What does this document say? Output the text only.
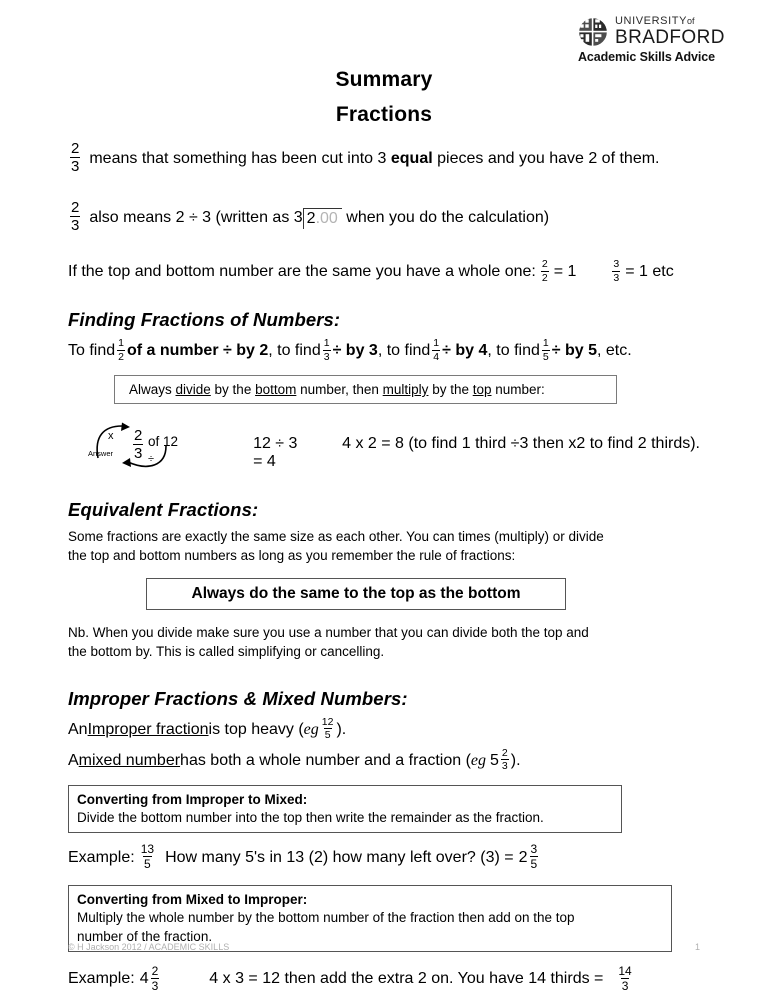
UNIVERSITYof
BRADFORD
Academic Skills Advice
Summary
Fractions
$\frac{2}{3}$ means that something has been cut into 3 equal pieces and you have 2 of them.
$\frac{2}{3}$ also means 2 ÷ 3 (written as 3 2.00 when you do the calculation)
If the top and bottom number are the same you have a whole one: $\frac{2}{2} = 1$	$\frac{3}{3} = 1$ etc
Finding Fractions of Numbers:
To find $\frac{1}{2}$ of a number ÷ by 2 , to find $\frac{1}{3}$ ÷ by 3 , to find $\frac{1}{4}$ ÷ by 4 , to find $\frac{1}{5}$ ÷ by 5 , etc.
Always divide by the bottom number, then multiply by the top number:
x
Answer	÷
$\frac{2}{3}$ of 12	12 ÷ 3 = 4
4 x 2 = 8 (to find 1 third ÷3 then x2 to find 2 thirds).
Equivalent Fractions:
Some fractions are exactly the same size as each other. You can times (multiply) or divide
the top and bottom numbers as long as you remember the rule of fractions:
Always do the same to the top as the bottom
Nb. When you divide make sure you use a number that you can divide both the top and
the bottom by. This is called simplifying or cancelling.
Improper Fractions & Mixed Numbers:
An Improper fraction is top heavy ( eg $\frac{12}{5}$ ).
A mixed number has both a whole number and a fraction ( eg $5 \frac{2}{3}$ ).
Converting from Improper to Mixed:
Divide the bottom number into the top then write the remainder as the fraction.
Example: $\frac{13}{5}$ How many 5's in 13 (2) how many left over? $(3) = 2 \frac{3}{5}$
Converting from Mixed to Improper:
Multiply the whole number by the bottom number of the fraction then add on the top
number of the fraction.
Example: $4 \frac{2}{3}$	4 x 3 = 12 then add the extra 2 on. You have 14 thirds = $\frac{14}{3}$
© H Jackson 2012 / ACADEMIC SKILLS	1
